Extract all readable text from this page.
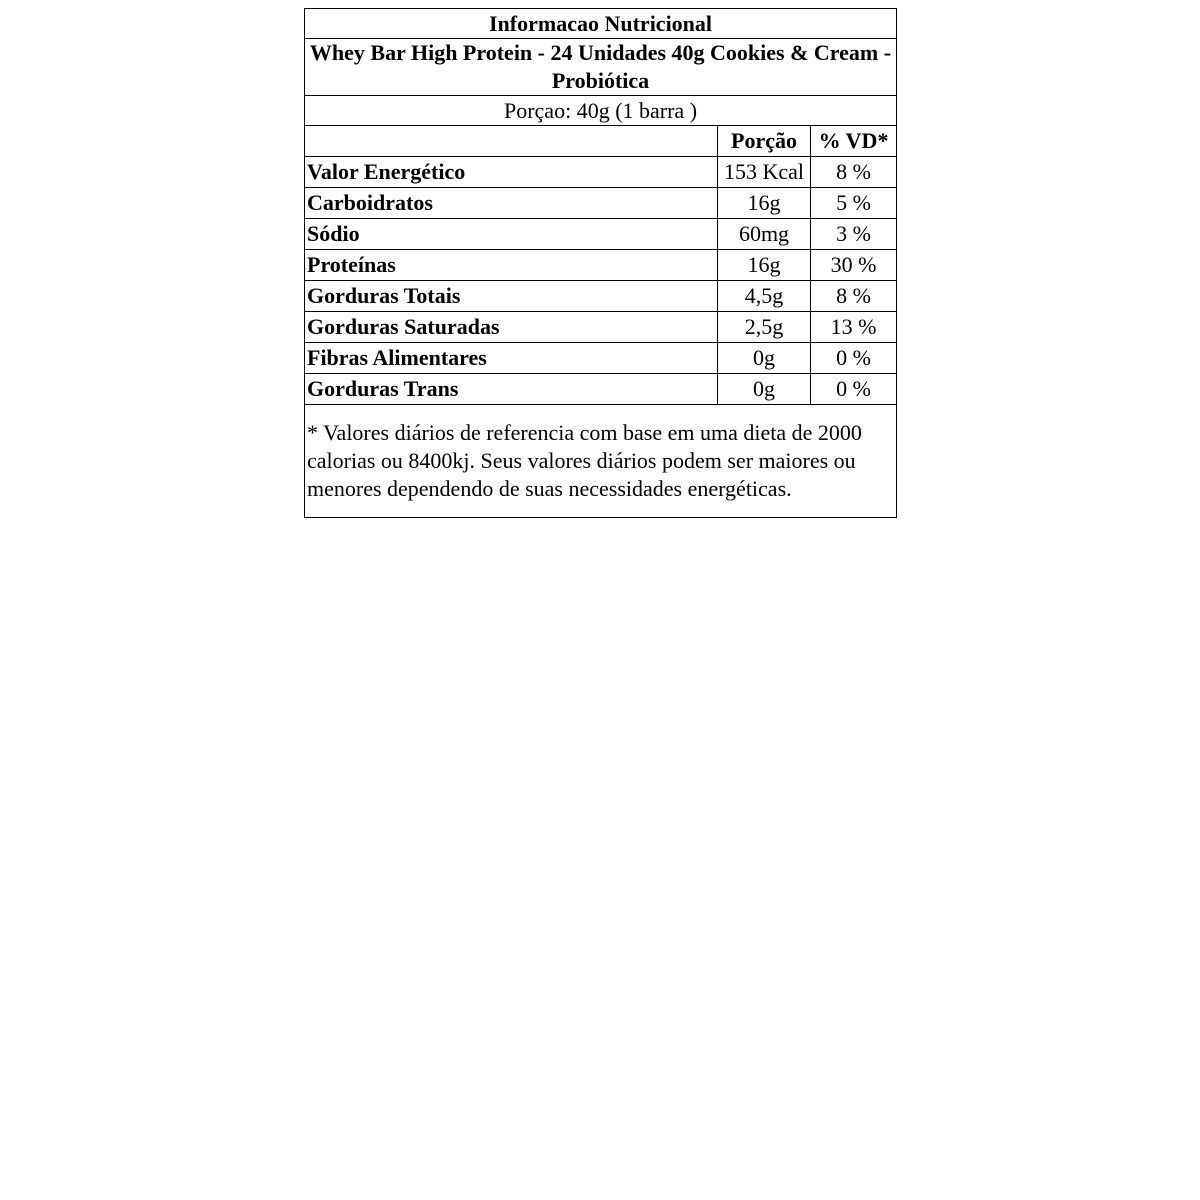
Informacao Nutricional		
Whey Bar High Protein - 24 Unidades 40g Cookies & Cream - Probiótica		
Porçao: 40g (1 barra )		
	Porção	% VD*
Valor Energético	153 Kcal	8 %
Carboidratos	16g	5 %
Sódio	60mg	3 %
Proteínas	16g	30 %
Gorduras Totais	4,5g	8 %
Gorduras Saturadas	2,5g	13 %
Fibras Alimentares	0g	0 %
Gorduras Trans	0g	0 %
* Valores diários de referencia com base em uma dieta de 2000 calorias ou 8400kj. Seus valores diários podem ser maiores ou menores dependendo de suas necessidades energéticas.		
